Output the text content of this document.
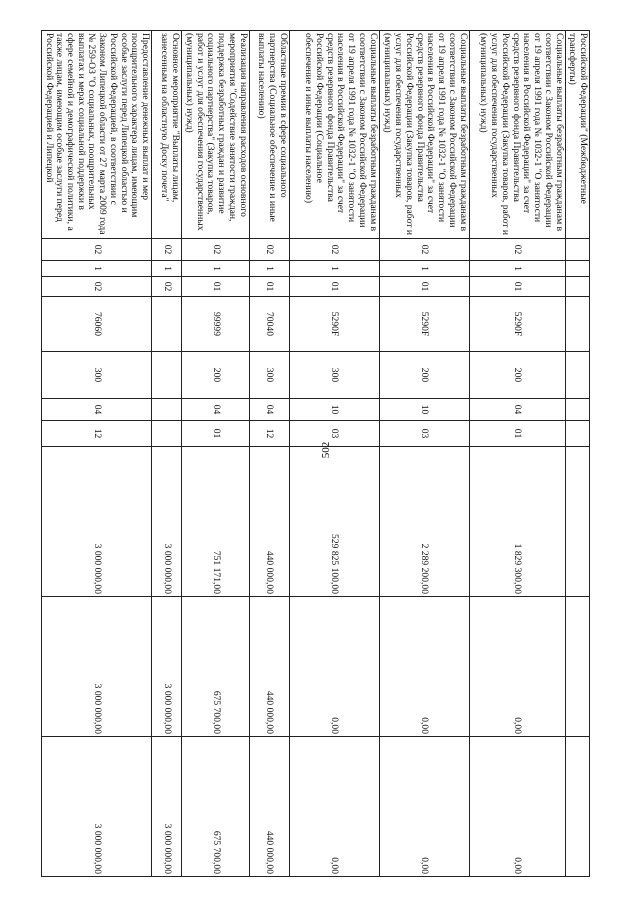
502
Российской Федерации" (Межбюджетные трансферты)										
Социальные выплаты безработным гражданам в соответствии с Законом Российской Федерации от 19 апреля 1991 года № 1032-1 "О занятости населения в Российской Федерации" за счет средств резервного фонда Правительства Российской Федерации (Закупка товаров, работ и услуг для обеспечения государственных (муниципальных) нужд)	02	1	01	5290F	200	04	01	1 829 300,00	0,00	0,00
Социальные выплаты безработным гражданам в соответствии с Законом Российской Федерации от 19 апреля 1991 года № 1032-1 "О занятости населения в Российской Федерации" за счет средств резервного фонда Правительства Российской Федерации (Закупка товаров, работ и услуг для обеспечения государственных (муниципальных) нужд)	02	1	01	5290F	200	10	03	2 289 200,00	0,00	0,00
Социальные выплаты безработным гражданам в соответствии с Законом Российской Федерации от 19 апреля 1991 года № 1032-1 "О занятости населения в Российской Федерации" за счет средств резервного фонда Правительства Российской Федерации (Социальное обеспечение и иные выплаты населению)	02	1	01	5290F	300	10	03	529 825 100,00	0,00	0,00
Областные премии в сфере социального партнерства (Социальное обеспечение и иные выплаты населению)	02	1	01	70040	300	04	12	440 000,00	440 000,00	440 000,00
Реализация направления расходов основного мероприятия "Содействие занятости граждан, поддержка безработных граждан и развитие социального партнерства" (Закупка товаров, работ и услуг для обеспечения государственных (муниципальных) нужд)	02	1	01	99999	200	04	01	751 171,00	675 700,00	675 700,00
Основное мероприятие "Выплаты лицам, занесенным на областную Доску почета"	02	1	02					3 000 000,00	3 000 000,00	3 000 000,00
Предоставление денежных выплат и мер поощрительного характера лицам, имеющим особые заслуги перед Липецкой областью и Российской Федерацией, в соответствии с Законом Липецкой области от 27 марта 2009 года № 259-ОЗ "О социальных, поощрительных выплатах и мерах социальной поддержки в сфере семейной и демографической политики, а также лицам, имеющим особые заслуги перед Российской Федерацией и Липецкой	02	1	02	76060	300	04	12	3 000 000,00	3 000 000,00	3 000 000,00
